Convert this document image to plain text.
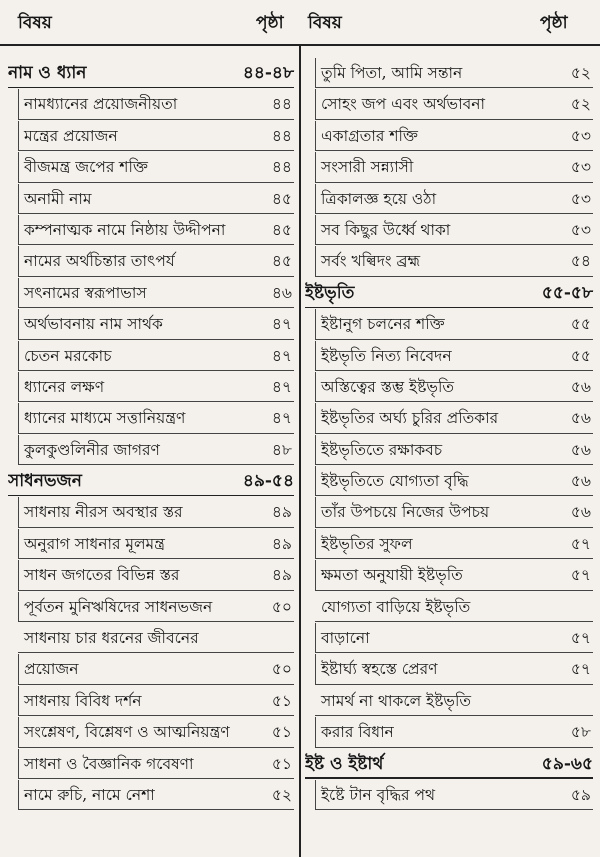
বিষয়	পৃষ্ঠা বিষয়	পৃষ্ঠা
নাম ও ধ্যান	৪৪-৪৮
নামধ্যানের প্রয়োজনীয়তা	৪৪
মন্ত্রের প্রয়োজন	৪৪
বীজমন্ত্র জপের শক্তি	৪৪
অনামী নাম	৪৫
কম্পনাত্মক নামে নিষ্ঠায় উদ্দীপনা	৪৫
নামের অর্থচিন্তার তাৎপর্য	৪৫
সৎনামের স্বরূপাভাস	৪৬
অর্থভাবনায় নাম সার্থক	৪৭
চেতন মরকোচ	৪৭
ধ্যানের লক্ষণ	৪৭
ধ্যানের মাধ্যমে সত্তানিয়ন্ত্রণ	৪৭
কুলকুণ্ডলিনীর জাগরণ	৪৮
সাধনভজন	৪৯-৫৪
সাধনায় নীরস অবস্থার স্তর	৪৯
অনুরাগ সাধনার মূলমন্ত্র	৪৯
সাধন জগতের বিভিন্ন স্তর	৪৯
পূর্বতন মুনিঋষিদের সাধনভজন	৫০
সাধনায় চার ধরনের জীবনের
প্রয়োজন	৫০
সাধনায় বিবিধ দর্শন	৫১
সংশ্লেষণ, বিশ্লেষণ ও আত্মনিয়ন্ত্রণ	৫১
সাধনা ও বৈজ্ঞানিক গবেষণা	৫১
নামে রুচি, নামে নেশা	৫২
তুমি পিতা, আমি সন্তান	৫২
সোহং জপ এবং অর্থভাবনা	৫২
একাগ্রতার শক্তি	৫৩
সংসারী সন্ন্যাসী	৫৩
ত্রিকালজ্ঞ হয়ে ওঠা	৫৩
সব কিছুর উর্ধ্বে থাকা	৫৩
সর্বং খল্বিদং ব্রহ্ম	৫৪
ইষ্টভৃতি	৫৫-৫৮
ইষ্টানুগ চলনের শক্তি	৫৫
ইষ্টভৃতি নিত্য নিবেদন	৫৫
অস্তিত্বের স্তম্ভ ইষ্টভৃতি	৫৬
ইষ্টভৃতির অর্ঘ্য চুরির প্রতিকার	৫৬
ইষ্টভৃতিতে রক্ষাকবচ	৫৬
ইষ্টভৃতিতে যোগ্যতা বৃদ্ধি	৫৬
তাঁর উপচয়ে নিজের উপচয়	৫৬
ইষ্টভৃতির সুফল	৫৭
ক্ষমতা অনুযায়ী ইষ্টভৃতি	৫৭
যোগ্যতা বাড়িয়ে ইষ্টভৃতি
বাড়ানো	৫৭
ইষ্টার্ঘ্য স্বহস্তে প্রেরণ	৫৭
সামর্থ না থাকলে ইষ্টভৃতি
করার বিধান	৫৮
ইষ্ট ও ইষ্টার্থ	৫৯-৬৫
ইষ্টে টান বৃদ্ধির পথ	৫৯
